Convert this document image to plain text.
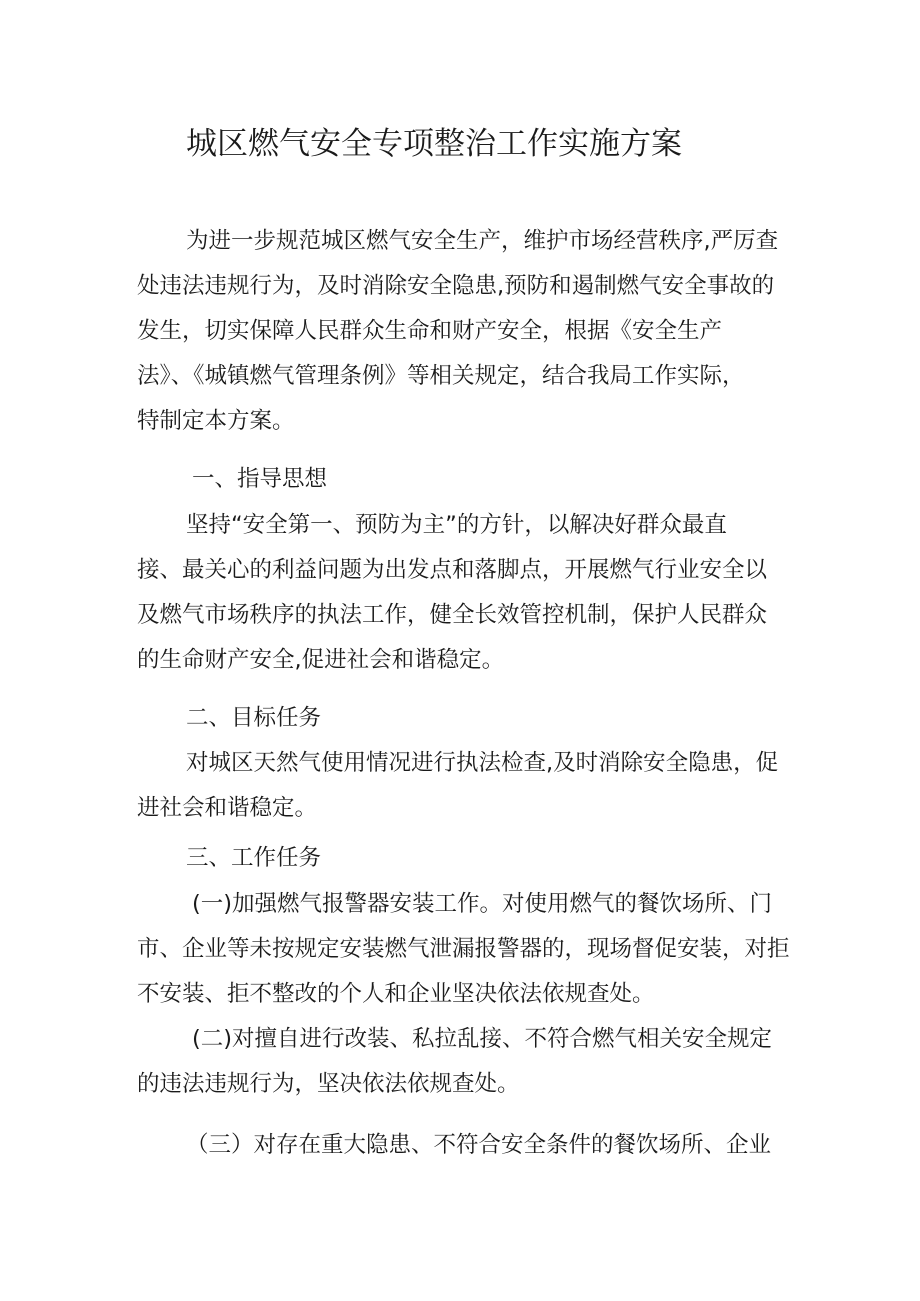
城区燃气安全专项整治工作实施方案

为进一步规范城区燃气安全生产，维护市场经营秩序,严厉查

处违法违规行为，及时消除安全隐患,预防和遏制燃气安全事故的

发生，切实保障人民群众生命和财产安全，根据《安全生产

法》、《城镇燃气管理条例》等相关规定，结合我局工作实际，

特制定本方案。

一、指导思想

坚持“安全第一、预防为主”的方针，以解决好群众最直

接、最关心的利益问题为出发点和落脚点，开展燃气行业安全以

及燃气市场秩序的执法工作，健全长效管控机制，保护人民群众

的生命财产安全,促进社会和谐稳定。

二、目标任务

对城区天然气使用情况进行执法检查,及时消除安全隐患，促

进社会和谐稳定。

三、工作任务

(一)加强燃气报警器安装工作。对使用燃气的餐饮场所、门

市、企业等未按规定安装燃气泄漏报警器的，现场督促安装，对拒

不安装、拒不整改的个人和企业坚决依法依规查处。

(二)对擅自进行改装、私拉乱接、不符合燃气相关安全规定

的违法违规行为，坚决依法依规查处。

（三）对存在重大隐患、不符合安全条件的餐饮场所、企业
